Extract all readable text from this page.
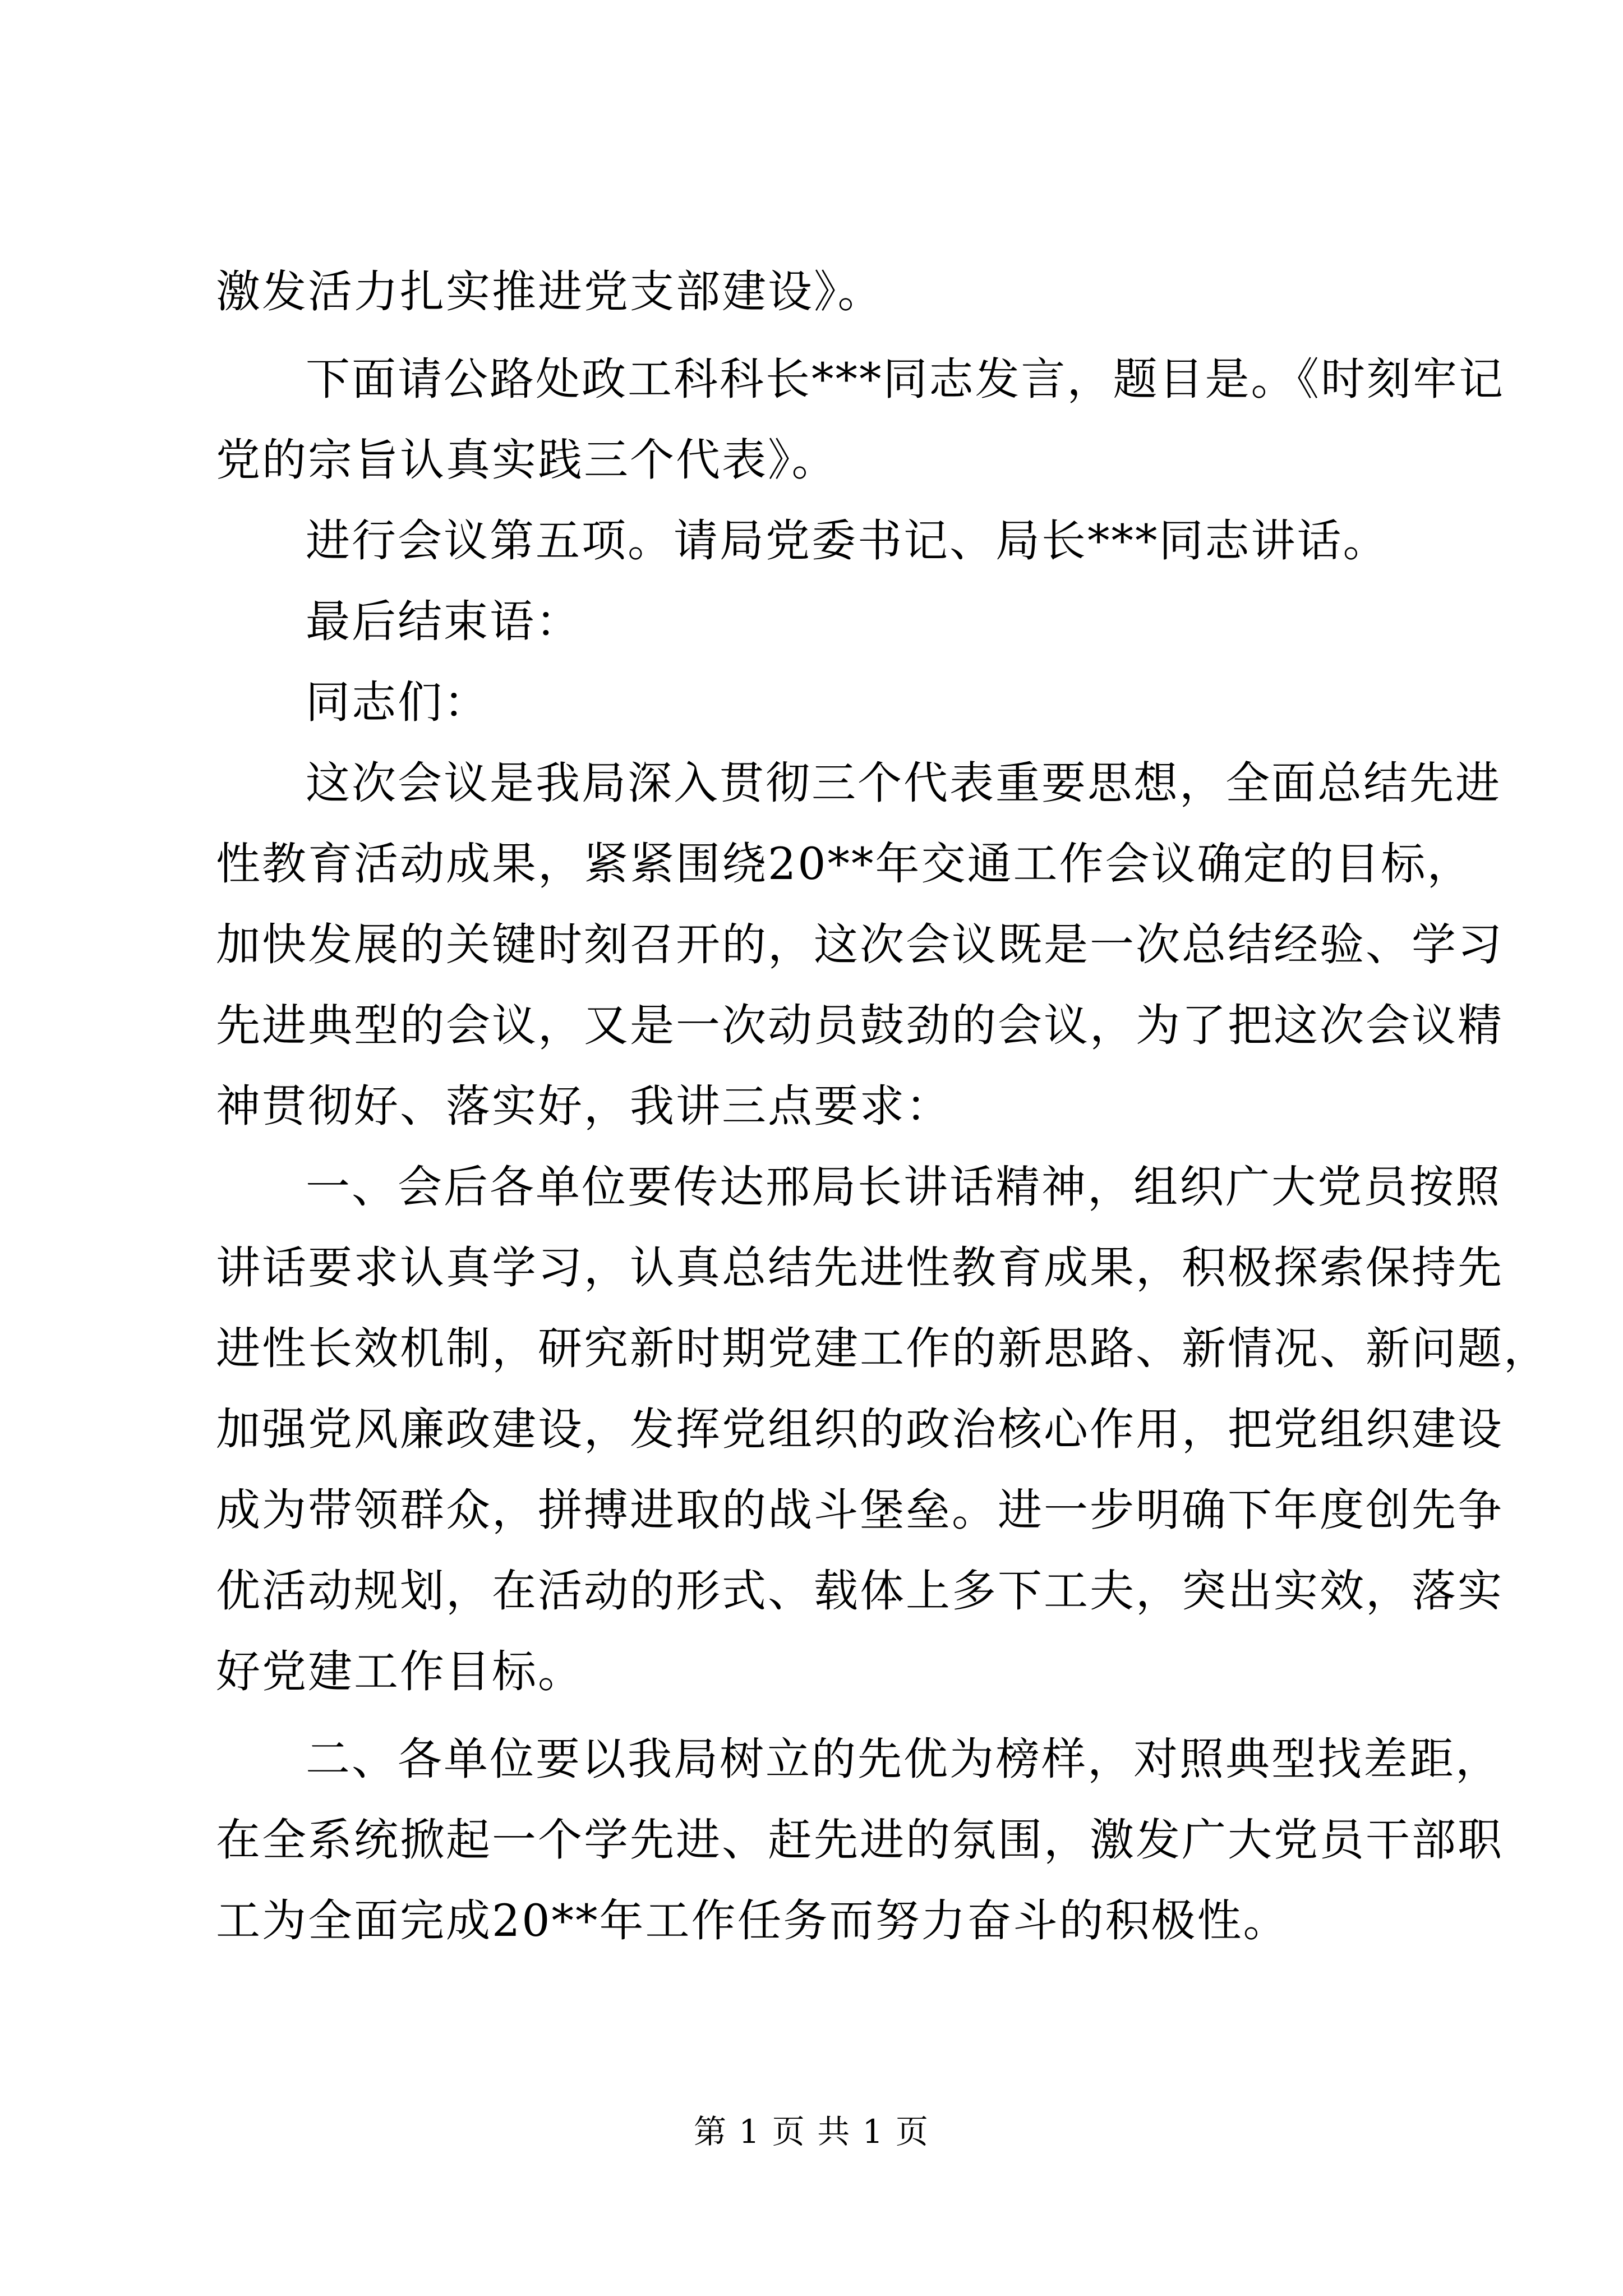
激发活力扎实推进党支部建设》。
下面请公路处政工科科长***同志发言，题目是。《时刻牢记
党的宗旨认真实践三个代表》。
进行会议第五项。请局党委书记、局长***同志讲话。
最后结束语：
同志们：
这次会议是我局深入贯彻三个代表重要思想，全面总结先进
性教育活动成果，紧紧围绕20**年交通工作会议确定的目标，
加快发展的关键时刻召开的，这次会议既是一次总结经验、学习
先进典型的会议，又是一次动员鼓劲的会议，为了把这次会议精
神贯彻好、落实好，我讲三点要求：
一、会后各单位要传达邢局长讲话精神，组织广大党员按照
讲话要求认真学习，认真总结先进性教育成果，积极探索保持先
进性长效机制，研究新时期党建工作的新思路、新情况、新问题，
加强党风廉政建设，发挥党组织的政治核心作用，把党组织建设
成为带领群众，拼搏进取的战斗堡垒。进一步明确下年度创先争
优活动规划，在活动的形式、载体上多下工夫，突出实效，落实
好党建工作目标。
二、各单位要以我局树立的先优为榜样，对照典型找差距，
在全系统掀起一个学先进、赶先进的氛围，激发广大党员干部职
工为全面完成20**年工作任务而努力奋斗的积极性。
第 1 页 共 1 页
